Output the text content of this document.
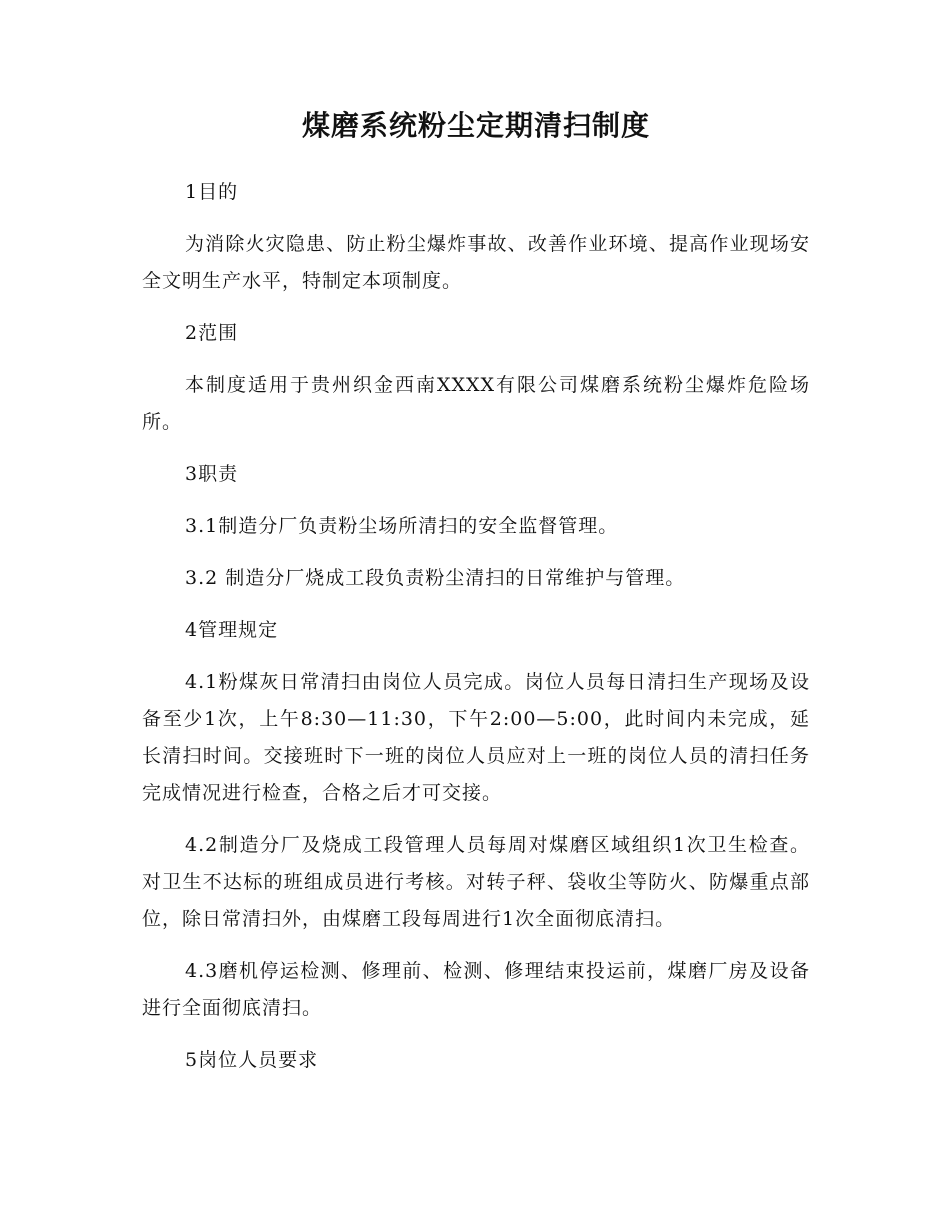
煤磨系统粉尘定期清扫制度
1目的
为消除火灾隐患、防止粉尘爆炸事故、改善作业环境、提高作业现场安全文明生产水平，特制定本项制度。
2范围
本制度适用于贵州织金西南XXXX有限公司煤磨系统粉尘爆炸危险场所。
3职责
3.1制造分厂负责粉尘场所清扫的安全监督管理。
3.2 制造分厂烧成工段负责粉尘清扫的日常维护与管理。
4管理规定
4.1粉煤灰日常清扫由岗位人员完成。岗位人员每日清扫生产现场及设备至少1次，上午8:30—11:30，下午2:00—5:00，此时间内未完成，延长清扫时间。交接班时下一班的岗位人员应对上一班的岗位人员的清扫任务完成情况进行检查，合格之后才可交接。
4.2制造分厂及烧成工段管理人员每周对煤磨区域组织1次卫生检查。对卫生不达标的班组成员进行考核。对转子秤、袋收尘等防火、防爆重点部位，除日常清扫外，由煤磨工段每周进行1次全面彻底清扫。
4.3磨机停运检测、修理前、检测、修理结束投运前，煤磨厂房及设备进行全面彻底清扫。
5岗位人员要求
